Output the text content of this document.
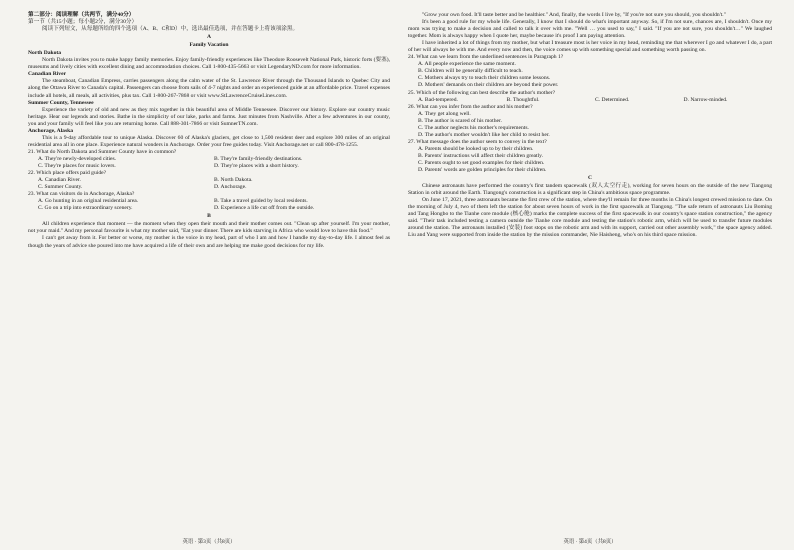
第二部分：阅读理解（共两节，满分40分）

第一节（共15小题；每小题2分，满分30分）

阅读下列短文，从每题所给的四个选项（A、B、C和D）中，选出最佳选项，并在答题卡上将该项涂黑。

A

Family Vacation

North Dakota

North Dakota invites you to make happy family memories. Enjoy family-friendly experiences like Theodore Roosevelt National Park, historic forts (要塞), museums and lively cities with excellent dining and accommodation choices. Call 1-800-435-5663 or visit LegendaryND.com for more information.

Canadian River

The steamboat, Canadian Empress, carries passengers along the calm water of the St. Lawrence River through the Thousand Islands to Quebec City and along the Ottawa River to Canada's capital. Passengers can choose from sails of 4-7 nights and order an experienced guide at an affordable price. Travel expenses include all hotels, all meals, all activities, plus tax. Call 1-800-267-7868 or visit www.StLawrenceCruiseLines.com.

Summer County, Tennessee

Experience the variety of old and new as they mix together in this beautiful area of Middle Tennessee. Discover our history. Explore our country music heritage. Hear our legends and stories. Bathe in the simplicity of our lake, parks and farms. Just minutes from Nashville. After a few adventures in our county, you and your family will feel like you are returning home. Call 888-301-7866 or visit SumnerTN.com.

Anchorage, Alaska

This is a 9-day affordable tour to unique Alaska. Discover 60 of Alaska's glaciers, get close to 1,500 resident deer and explore 300 miles of an original residential area all in one place. Experience natural wonders in Anchorage. Order your free guides today. Visit Anchorage.net or call 800-478-1255.

21. What do North Dakota and Summer County have in common?

A. They're newly-developed cities.	B. They're family-friendly destinations.
C. They're places for music lovers.	D. They're places with a short history.

22. Which place offers paid guide?

A. Canadian River.	B. North Dakota.
C. Summer County.	D. Anchorage.

23. What can visitors do in Anchorage, Alaska?

A. Go hunting in an original residential area.	B. Take a travel guided by local residents.
C. Go on a trip into extraordinary scenery.	D. Experience a life cut off from the outside.

B

All children experience that moment — the moment when they open their mouth and their mother comes out. "Clean up after yourself. I'm your mother, not your maid." And my personal favourite is what my mother said, "Eat your dinner. There are kids starving in Africa who would love to have this food."

I can't get away from it. For better or worse, my mother is the voice in my head, part of who I am and how I handle my day-to-day life. I almost feel as though the years of advice she poured into me have acquired a life of their own and are helping me make good decisions for my life.

"Grow your own food. It'll taste better and be healthier." And, finally, the words I live by, "If you're not sure you should, you shouldn't."

It's been a good rule for my whole life. Generally, I know that I should do what's important anyway. So, if I'm not sure, chances are, I shouldn't. Once my mom was trying to make a decision and called to talk it over with me. "Well … you used to say," I said. "If you are not sure, you shouldn't…" We laughed together. Mom is always happy when I quote her, maybe because it's proof I am paying attention.

I have inherited a lot of things from my mother, but what I treasure most is her voice in my head, reminding me that wherever I go and whatever I do, a part of her will always be with me. And every now and then, the voice comes up with something special and something worth passing on.

24. What can we learn from the underlined sentences in Paragraph 1?

A. All people experience the same moment.

B. Children will be generally difficult to teach.

C. Mothers always try to teach their children some lessons.

D. Mothers' demands on their children are beyond their power.

25. Which of the following can best describe the author's mother?

A. Bad-tempered.	B. Thoughtful.	C. Determined.	D. Narrow-minded.

26. What can you infer from the author and his mother?

A. They get along well.

B. The author is scared of his mother.

C. The author neglects his mother's requirements.

D. The author's mother wouldn't like her child to resist her.

27. What message does the author seem to convey in the text?

A. Parents should be looked up to by their children.

B. Parents' instructions will affect their children greatly.

C. Parents ought to set good examples for their children.

D. Parents' words are golden principles for their children.

C

Chinese astronauts have performed the country's first tandem spacewalk (双人太空行走), working for seven hours on the outside of the new Tiangong Station in orbit around the Earth. Tiangong's construction is a significant step in China's ambitious space programme.

On June 17, 2021, three astronauts became the first crew of the station, where they'll remain for three months in China's longest crewed mission to date. On the morning of July 4, two of them left the station for about seven hours of work in the first spacewalk at Tiangong. "The safe return of astronauts Liu Boming and Tang Hongbo to the Tianhe core module (核心舱) marks the complete success of the first spacewalk in our country's space station construction," the agency said. "Their task included testing a camera outside the Tianhe core module and testing the station's robotic arm, which will be used to transfer future modules around the station. The astronauts installed (安装) foot stops on the robotic arm and with its support, carried out other assembly work," the space agency added. Liu and Yang were supported from inside the station by the mission commander, Nie Haisheng, who's on his third space mission.

英语 · 第3页（共8页）	英语 · 第4页（共8页）
